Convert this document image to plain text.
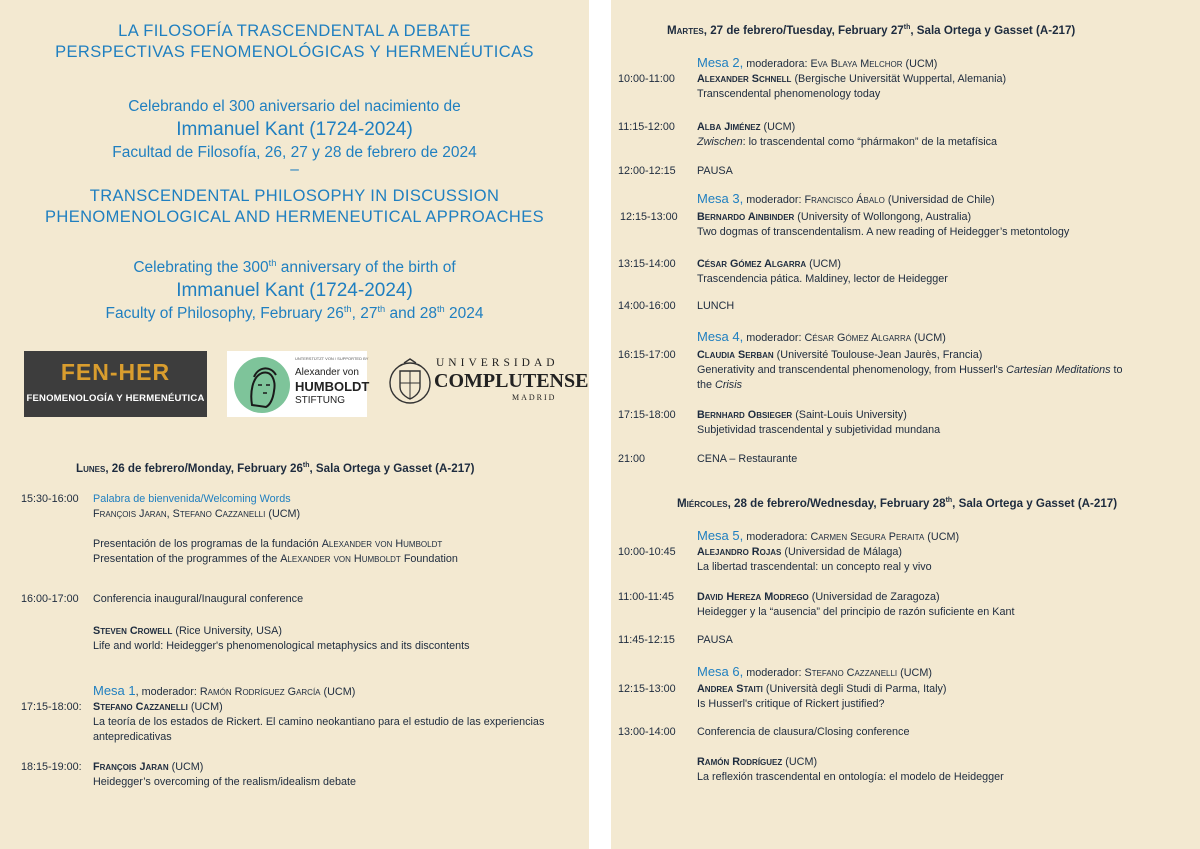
LA FILOSOFÍA TRASCENDENTAL A DEBATE
PERSPECTIVAS FENOMENOLÓGICAS Y HERMENÉUTICAS
Celebrando el 300 aniversario del nacimiento de
Immanuel Kant (1724-2024)
Facultad de Filosofía, 26, 27 y 28 de febrero de 2024
–
TRANSCENDENTAL PHILOSOPHY IN DISCUSSION
PHENOMENOLOGICAL AND HERMENEUTICAL APPROACHES
Celebrating the 300th anniversary of the birth of
Immanuel Kant (1724-2024)
Faculty of Philosophy, February 26th, 27th and 28th 2024
FEN-HER
FENOMENOLOGÍA Y HERMENÉUTICA
UNTERSTÜTZT VON / SUPPORTED BY
Alexander von
HUMBOLDT
STIFTUNG
UNIVERSIDAD
COMPLUTENSE
MADRID
Lunes, 26 de febrero/Monday, February 26th, Sala Ortega y Gasset (A-217)
15:30-16:00 Palabra de bienvenida/Welcoming Words
François Jaran, Stefano Cazzanelli (UCM)
Presentación de los programas de la fundación Alexander von Humboldt
Presentation of the programmes of the Alexander von Humboldt Foundation
16:00-17:00 Conferencia inaugural/Inaugural conference
Steven Crowell (Rice University, USA)
Life and world: Heidegger's phenomenological metaphysics and its discontents
Mesa 1, moderador: Ramón Rodríguez García (UCM)
17:15-18:00: Stefano Cazzanelli (UCM)
La teoría de los estados de Rickert. El camino neokantiano para el estudio de las experiencias
antepredicativas
18:15-19:00: François Jaran (UCM)
Heidegger’s overcoming of the realism/idealism debate
Martes, 27 de febrero/Tuesday, February 27th, Sala Ortega y Gasset (A-217)
Mesa 2, moderadora: Eva Blaya Melchor (UCM)
10:00-11:00 Alexander Schnell (Bergische Universität Wuppertal, Alemania)
Transcendental phenomenology today
11:15-12:00 Alba Jiménez (UCM)
Zwischen: lo trascendental como “phármakon” de la metafísica
12:00-12:15 PAUSA
Mesa 3, moderador: Francisco Ábalo (Universidad de Chile)
12:15-13:00 Bernardo Ainbinder (University of Wollongong, Australia)
Two dogmas of transcendentalism. A new reading of Heidegger’s metontology
13:15-14:00 César Gómez Algarra (UCM)
Trascendencia pática. Maldiney, lector de Heidegger
14:00-16:00 LUNCH
Mesa 4, moderador: César Gómez Algarra (UCM)
16:15-17:00 Claudia Serban (Université Toulouse-Jean Jaurès, Francia)
Generativity and transcendental phenomenology, from Husserl's Cartesian Meditations to
the Crisis
17:15-18:00 Bernhard Obsieger (Saint-Louis University)
Subjetividad trascendental y subjetividad mundana
21:00	CENA – Restaurante
Miércoles, 28 de febrero/Wednesday, February 28th, Sala Ortega y Gasset (A-217)
Mesa 5, moderadora: Carmen Segura Peraita (UCM)
10:00-10:45 Alejandro Rojas (Universidad de Málaga)
La libertad trascendental: un concepto real y vivo
11:00-11:45 David Hereza Modrego (Universidad de Zaragoza)
Heidegger y la “ausencia” del principio de razón suficiente en Kant
11:45-12:15 PAUSA
Mesa 6, moderador: Stefano Cazzanelli (UCM)
12:15-13:00 Andrea Staiti (Università degli Studi di Parma, Italy)
Is Husserl's critique of Rickert justified?
13:00-14:00 Conferencia de clausura/Closing conference
Ramón Rodríguez (UCM)
La reflexión trascendental en ontología: el modelo de Heidegger
